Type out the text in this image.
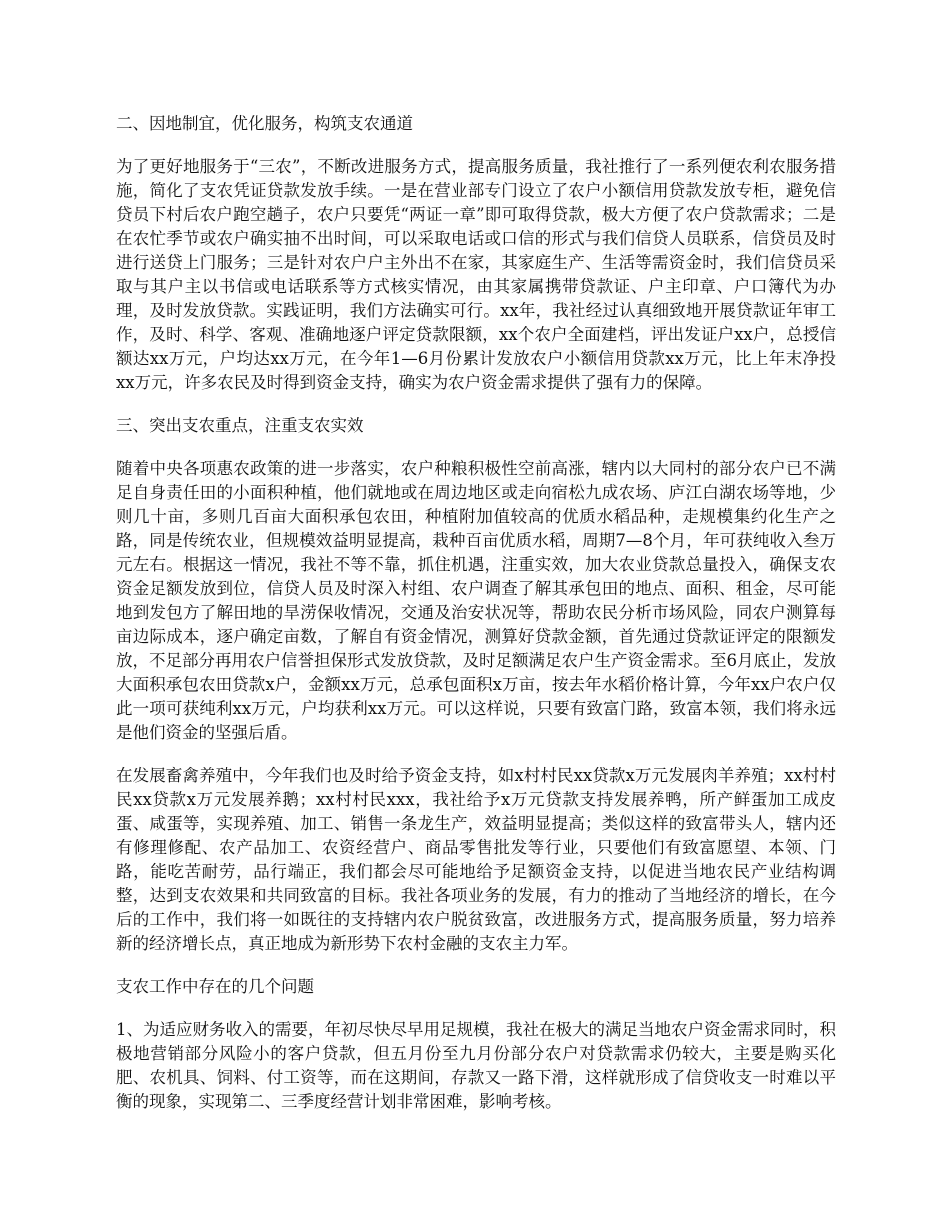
二、因地制宜，优化服务，构筑支农通道

为了更好地服务于“三农”，不断改进服务方式，提高服务质量，我社推行了一系列便农利农服务措施，简化了支农凭证贷款发放手续。一是在营业部专门设立了农户小额信用贷款发放专柜，避免信贷员下村后农户跑空趟子，农户只要凭“两证一章”即可取得贷款，极大方便了农户贷款需求；二是在农忙季节或农户确实抽不出时间，可以采取电话或口信的形式与我们信贷人员联系，信贷员及时进行送贷上门服务；三是针对农户户主外出不在家，其家庭生产、生活等需资金时，我们信贷员采取与其户主以书信或电话联系等方式核实情况，由其家属携带贷款证、户主印章、户口簿代为办理，及时发放贷款。实践证明，我们方法确实可行。xx年，我社经过认真细致地开展贷款证年审工作，及时、科学、客观、准确地逐户评定贷款限额，xx个农户全面建档，评出发证户xx户，总授信额达xx万元，户均达xx万元，在今年1—6月份累计发放农户小额信用贷款xx万元，比上年末净投xx万元，许多农民及时得到资金支持，确实为农户资金需求提供了强有力的保障。

三、突出支农重点，注重支农实效

随着中央各项惠农政策的进一步落实，农户种粮积极性空前高涨，辖内以大同村的部分农户已不满足自身责任田的小面积种植，他们就地或在周边地区或走向宿松九成农场、庐江白湖农场等地，少则几十亩，多则几百亩大面积承包农田，种植附加值较高的优质水稻品种，走规模集约化生产之路，同是传统农业，但规模效益明显提高，栽种百亩优质水稻，周期7—8个月，年可获纯收入叁万元左右。根据这一情况，我社不等不靠，抓住机遇，注重实效，加大农业贷款总量投入，确保支农资金足额发放到位，信贷人员及时深入村组、农户调查了解其承包田的地点、面积、租金，尽可能地到发包方了解田地的旱涝保收情况，交通及治安状况等，帮助农民分析市场风险，同农户测算每亩边际成本，逐户确定亩数，了解自有资金情况，测算好贷款金额，首先通过贷款证评定的限额发放，不足部分再用农户信誉担保形式发放贷款，及时足额满足农户生产资金需求。至6月底止，发放大面积承包农田贷款x户，金额xx万元，总承包面积x万亩，按去年水稻价格计算，今年xx户农户仅此一项可获纯利xx万元，户均获利xx万元。可以这样说，只要有致富门路，致富本领，我们将永远是他们资金的坚强后盾。

在发展畜禽养殖中，今年我们也及时给予资金支持，如x村村民xx贷款x万元发展肉羊养殖；xx村村民xx贷款x万元发展养鹅；xx村村民xxx，我社给予x万元贷款支持发展养鸭，所产鲜蛋加工成皮蛋、咸蛋等，实现养殖、加工、销售一条龙生产，效益明显提高；类似这样的致富带头人，辖内还有修理修配、农产品加工、农资经营户、商品零售批发等行业，只要他们有致富愿望、本领、门路，能吃苦耐劳，品行端正，我们都会尽可能地给予足额资金支持，以促进当地农民产业结构调整，达到支农效果和共同致富的目标。我社各项业务的发展，有力的推动了当地经济的增长，在今后的工作中，我们将一如既往的支持辖内农户脱贫致富，改进服务方式，提高服务质量，努力培养新的经济增长点，真正地成为新形势下农村金融的支农主力军。

支农工作中存在的几个问题

1、为适应财务收入的需要，年初尽快尽早用足规模，我社在极大的满足当地农户资金需求同时，积极地营销部分风险小的客户贷款，但五月份至九月份部分农户对贷款需求仍较大，主要是购买化肥、农机具、饲料、付工资等，而在这期间，存款又一路下滑，这样就形成了信贷收支一时难以平衡的现象，实现第二、三季度经营计划非常困难，影响考核。
